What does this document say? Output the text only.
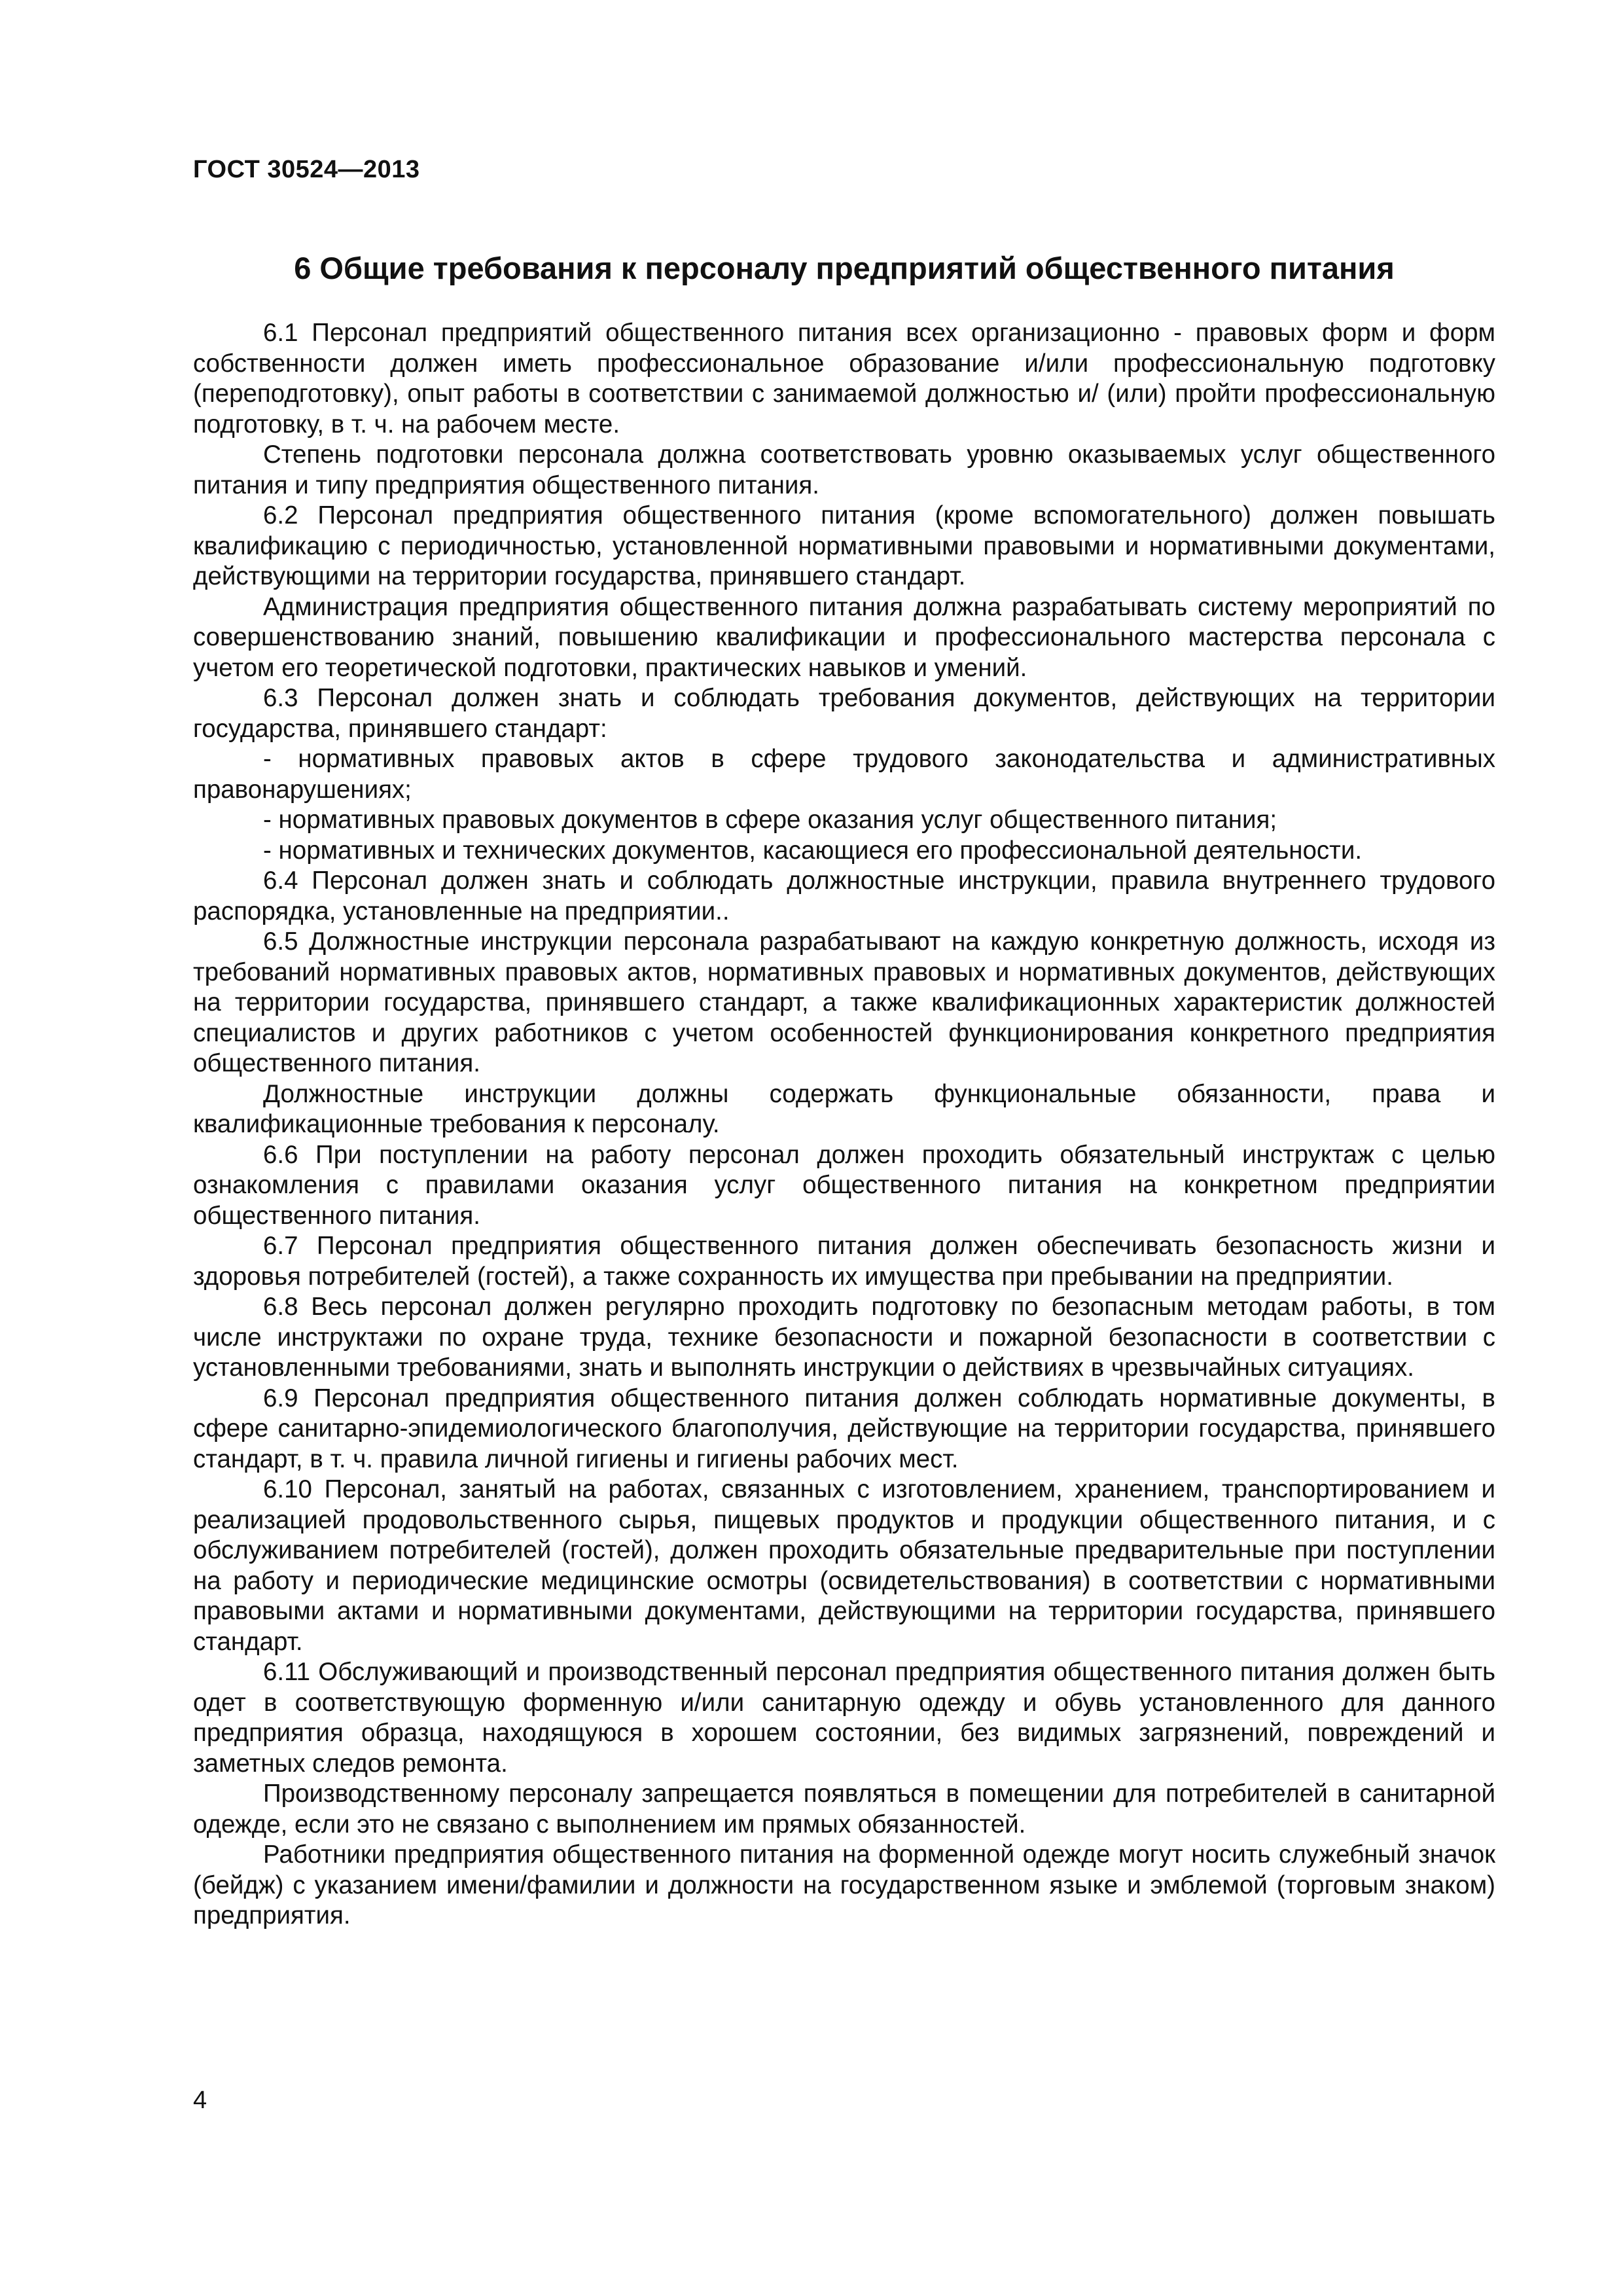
ГОСТ 30524—2013
6 Общие требования к персоналу предприятий общественного питания

6.1 Персонал предприятий общественного питания всех организационно - правовых форм и форм собственности должен иметь профессиональное образование и/или профессиональную подготовку (переподготовку), опыт работы в соответствии с занимаемой должностью и/ (или) пройти профессиональную подготовку, в т. ч. на рабочем месте.

Степень подготовки персонала должна соответствовать уровню оказываемых услуг общественного питания и типу предприятия общественного питания.

6.2 Персонал предприятия общественного питания (кроме вспомогательного) должен повышать квалификацию с периодичностью, установленной нормативными правовыми и нормативными документами, действующими на территории государства, принявшего стандарт.

Администрация предприятия общественного питания должна разрабатывать систему мероприятий по совершенствованию знаний, повышению квалификации и профессионального мастерства персонала с учетом его теоретической подготовки, практических навыков и умений.

6.3 Персонал должен знать и соблюдать требования документов, действующих на территории государства, принявшего стандарт:

- нормативных правовых актов в сфере трудового законодательства и административных правонарушениях;

- нормативных правовых документов в сфере оказания услуг общественного питания;

- нормативных и технических документов, касающиеся его профессиональной деятельности.

6.4 Персонал должен знать и соблюдать должностные инструкции, правила внутреннего трудового распорядка, установленные на предприятии..

6.5 Должностные инструкции персонала разрабатывают на каждую конкретную должность, исходя из требований нормативных правовых актов, нормативных правовых и нормативных документов, действующих на территории государства, принявшего стандарт, а также квалификационных характеристик должностей специалистов и других работников с учетом особенностей функционирования конкретного предприятия общественного питания.

Должностные инструкции должны содержать функциональные обязанности, права и квалификационные требования к персоналу.

6.6 При поступлении на работу персонал должен проходить обязательный инструктаж с целью ознакомления с правилами оказания услуг общественного питания на конкретном предприятии общественного питания.

6.7 Персонал предприятия общественного питания должен обеспечивать безопасность жизни и здоровья потребителей (гостей), а также сохранность их имущества при пребывании на предприятии.

6.8 Весь персонал должен регулярно проходить подготовку по безопасным методам работы, в том числе инструктажи по охране труда, технике безопасности и пожарной безопасности в соответствии с установленными требованиями, знать и выполнять инструкции о действиях в чрезвычайных ситуациях.

6.9 Персонал предприятия общественного питания должен соблюдать нормативные документы, в сфере санитарно-эпидемиологического благополучия, действующие на территории государства, принявшего стандарт, в т. ч. правила личной гигиены и гигиены рабочих мест.

6.10 Персонал, занятый на работах, связанных с изготовлением, хранением, транспортированием и реализацией продовольственного сырья, пищевых продуктов и продукции общественного питания, и с обслуживанием потребителей (гостей), должен проходить обязательные предварительные при поступлении на работу и периодические медицинские осмотры (освидетельствования) в соответствии с нормативными правовыми актами и нормативными документами, действующими на территории государства, принявшего стандарт.

6.11 Обслуживающий и производственный персонал предприятия общественного питания должен быть одет в соответствующую форменную и/или санитарную одежду и обувь установленного для данного предприятия образца, находящуюся в хорошем состоянии, без видимых загрязнений, повреждений и заметных следов ремонта.

Производственному персоналу запрещается появляться в помещении для потребителей в санитарной одежде, если это не связано с выполнением им прямых обязанностей.

Работники предприятия общественного питания на форменной одежде могут носить служебный значок (бейдж) с указанием имени/фамилии и должности на государственном языке и эмблемой (торговым знаком) предприятия.

4
